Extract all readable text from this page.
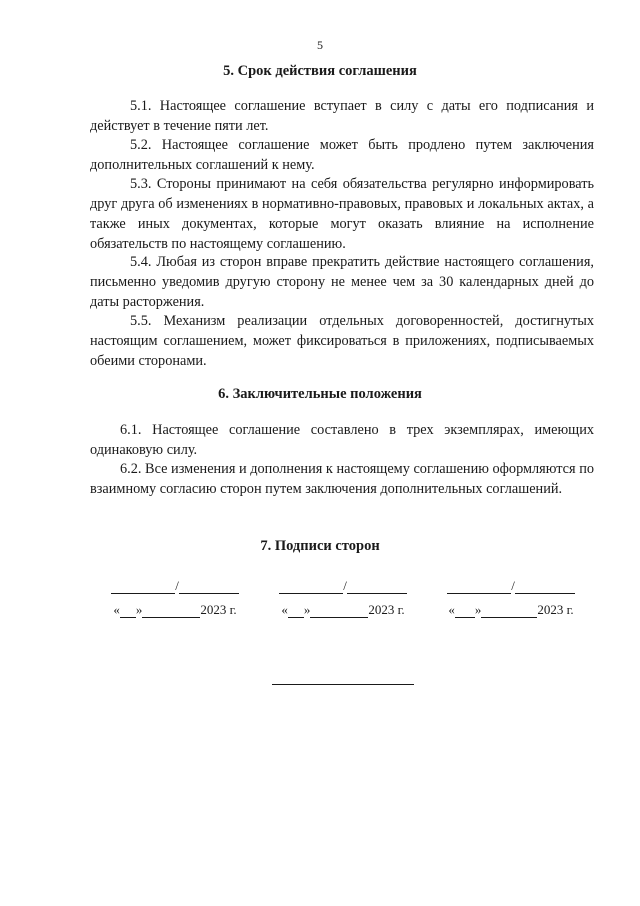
5
5. Срок действия соглашения

5.1. Настоящее соглашение вступает в силу с даты его подписания и действует в течение пяти лет.

5.2. Настоящее соглашение может быть продлено путем заключения дополнительных соглашений к нему.

5.3. Стороны принимают на себя обязательства регулярно информировать друг друга об изменениях в нормативно-правовых, правовых и локальных актах, а также иных документах, которые могут оказать влияние на исполнение обязательств по настоящему соглашению.

5.4. Любая из сторон вправе прекратить действие настоящего соглашения, письменно уведомив другую сторону не менее чем за 30 календарных дней до даты расторжения.

5.5. Механизм реализации отдельных договоренностей, достигнутых настоящим соглашением, может фиксироваться в приложениях, подписываемых обеими сторонами.

6. Заключительные положения

6.1. Настоящее соглашение составлено в трех экземплярах, имеющих одинаковую силу.

6.2. Все изменения и дополнения к настоящему соглашению оформляются по взаимному согласию сторон путем заключения дополнительных соглашений.

7. Подписи сторон
/
« »	2023 г.
/
« »	2023 г.
/
« »	2023 г.
